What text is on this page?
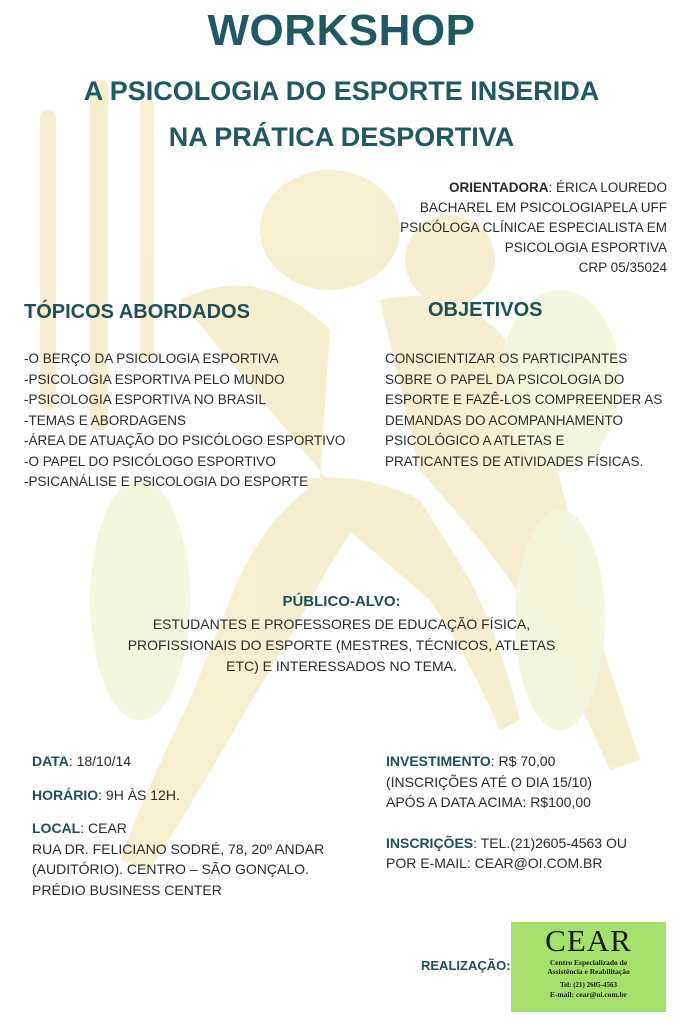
WORKSHOP
A PSICOLOGIA DO ESPORTE INSERIDA
NA PRÁTICA DESPORTIVA
ORIENTADORA: ÉRICA LOUREDO
BACHAREL EM PSICOLOGIAPELA UFF
PSICÓLOGA CLÍNICAE ESPECIALISTA EM
PSICOLOGIA ESPORTIVA
CRP 05/35024
TÓPICOS ABORDADOS
-O BERÇO DA PSICOLOGIA ESPORTIVA
-PSICOLOGIA ESPORTIVA PELO MUNDO
-PSICOLOGIA ESPORTIVA NO BRASIL
-TEMAS E ABORDAGENS
-ÁREA DE ATUAÇÃO DO PSICÓLOGO ESPORTIVO
-O PAPEL DO PSICÓLOGO ESPORTIVO
-PSICANÁLISE E PSICOLOGIA DO ESPORTE
OBJETIVOS
CONSCIENTIZAR OS PARTICIPANTES
SOBRE O PAPEL DA PSICOLOGIA DO
ESPORTE E FAZÊ-LOS COMPREENDER AS
DEMANDAS DO ACOMPANHAMENTO
PSICOLÓGICO A ATLETAS E
PRATICANTES DE ATIVIDADES FÍSICAS.
PÚBLICO-ALVO:
ESTUDANTES E PROFESSORES DE EDUCAÇÃO FÍSICA,
PROFISSIONAIS DO ESPORTE (MESTRES, TÉCNICOS, ATLETAS
ETC) E INTERESSADOS NO TEMA.
DATA: 18/10/14
HORÁRIO: 9H ÀS 12H.
LOCAL: CEAR
RUA DR. FELICIANO SODRÉ, 78, 20º ANDAR
(AUDITÓRIO). CENTRO – SÃO GONÇALO.
PRÉDIO BUSINESS CENTER
INVESTIMENTO: R$ 70,00
(INSCRIÇÕES ATÉ O DIA 15/10)
APÓS A DATA ACIMA: R$100,00
INSCRIÇÕES: TEL.(21)2605-4563 OU
POR E-MAIL: CEAR@OI.COM.BR
REALIZAÇÃO:
CEAR
Centro Especializado de
Assistência e Reabilitação
Tel: (21) 2605-4563
E-mail: cear@oi.com.br
